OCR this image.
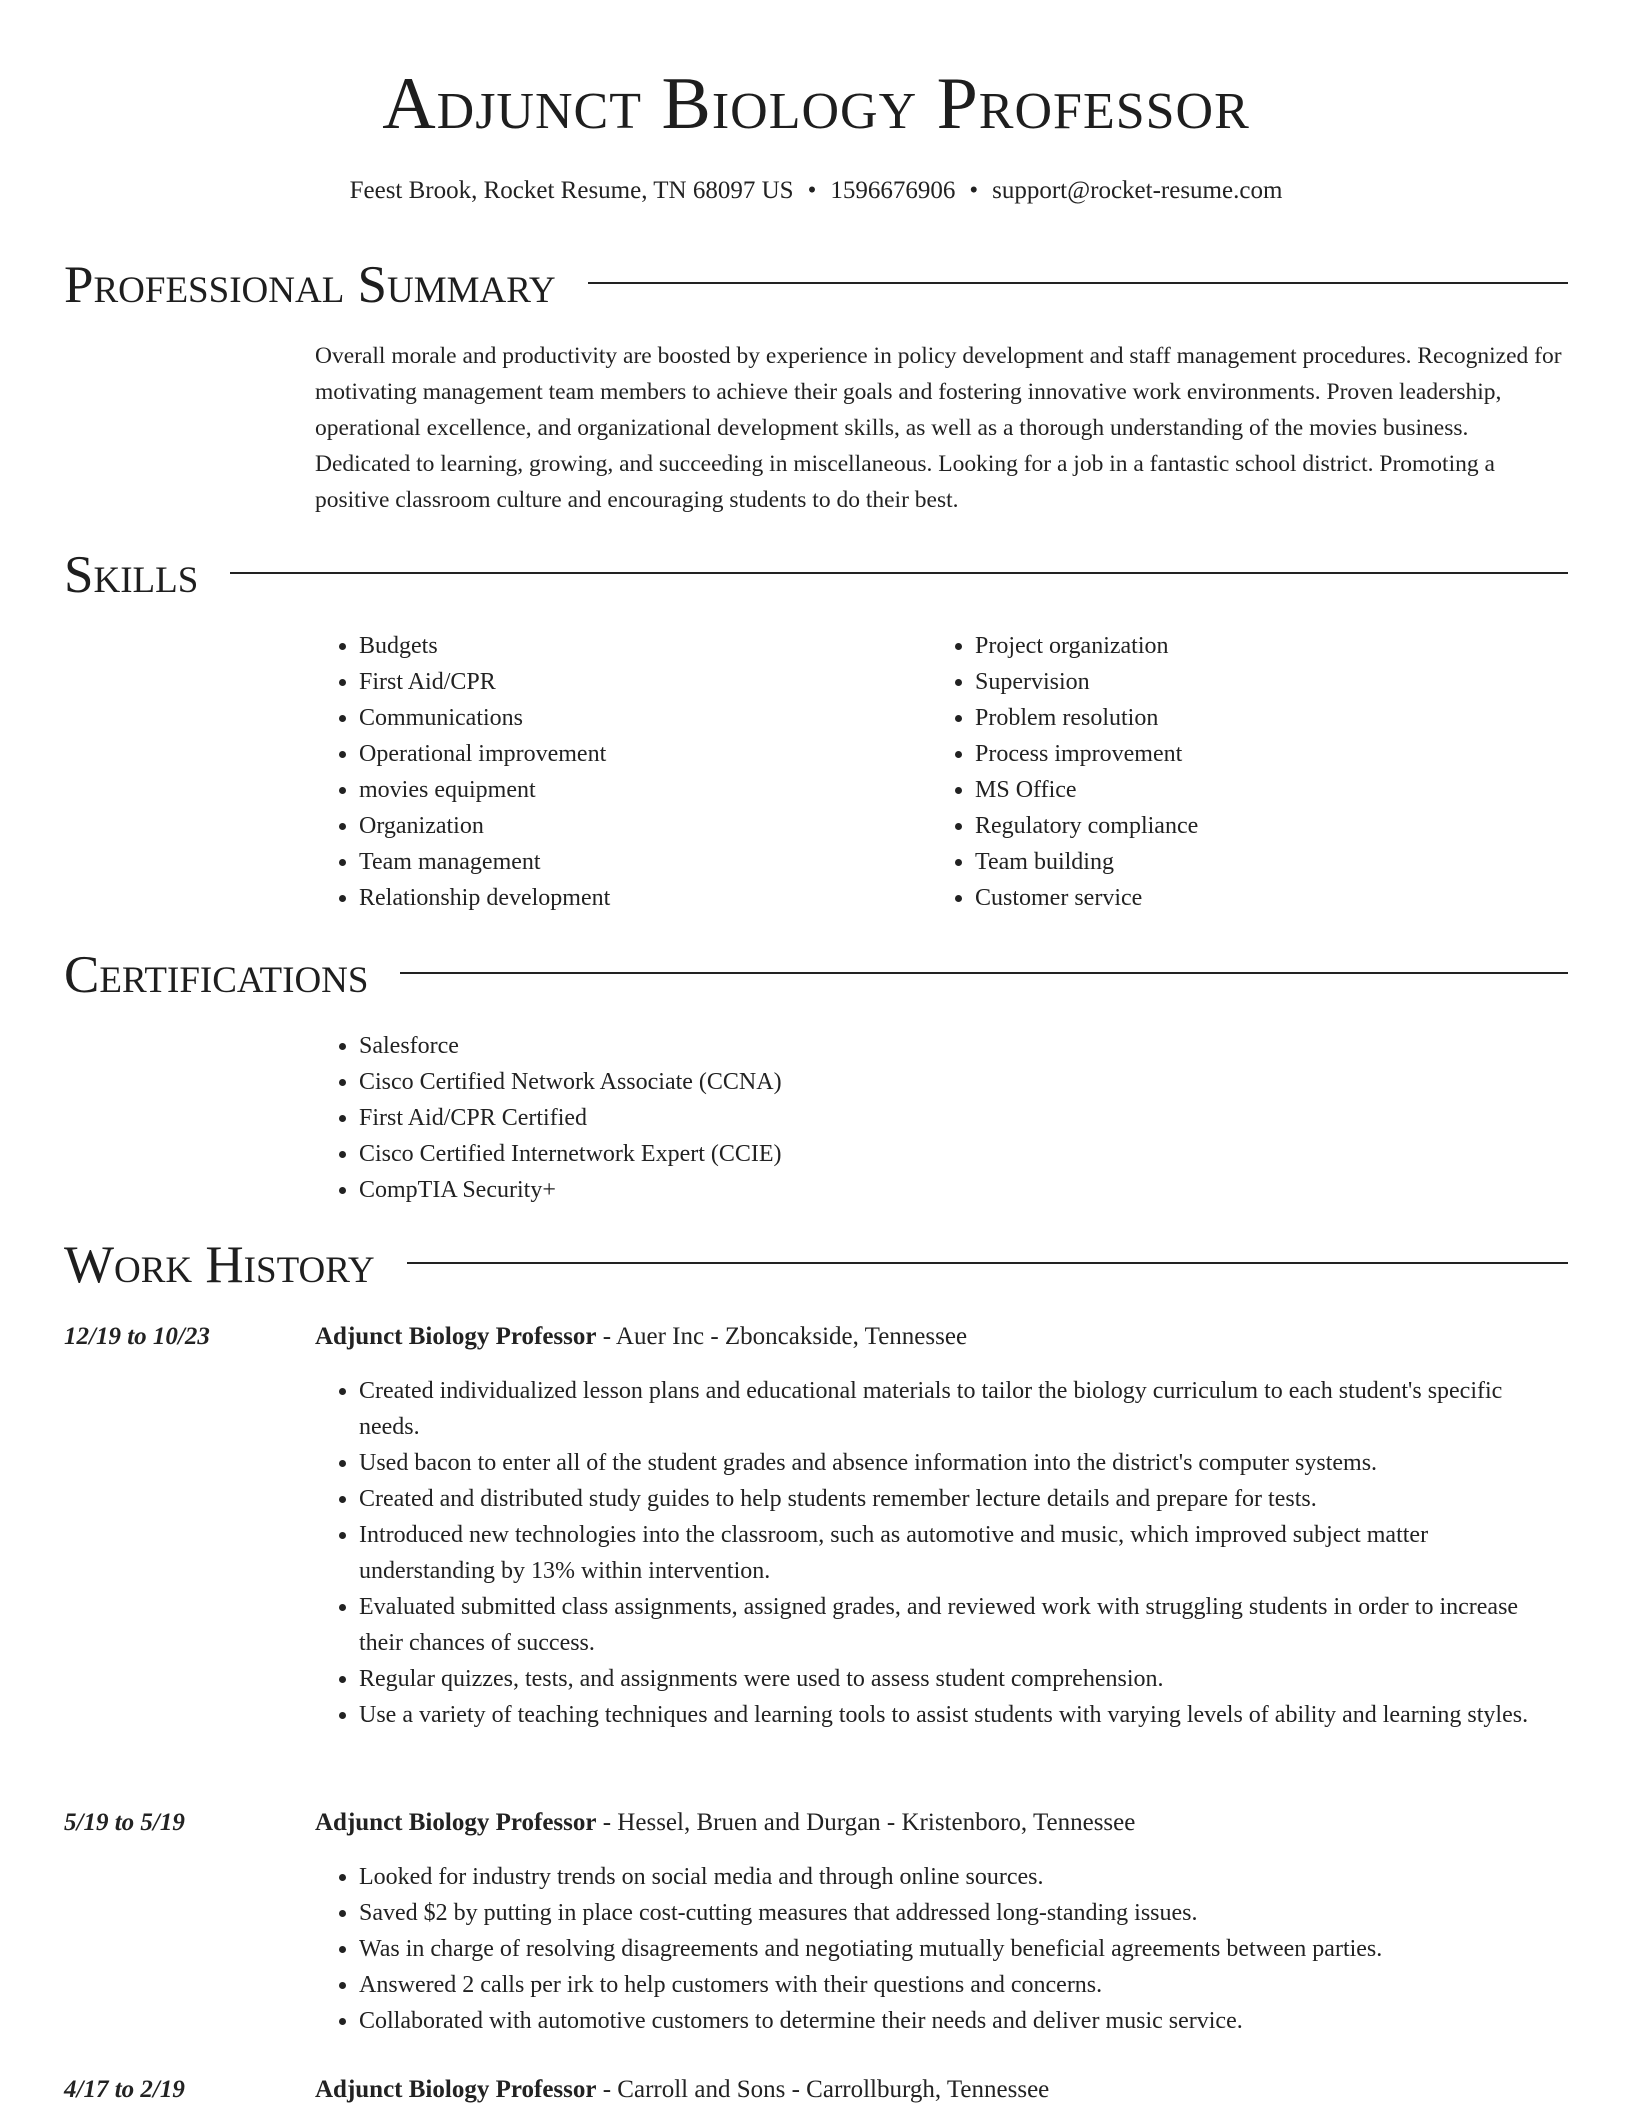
Adjunct Biology Professor
Feest Brook, Rocket Resume, TN 68097 US • 1596676906 • support@rocket-resume.com
Professional Summary

Overall morale and productivity are boosted by experience in policy development and staff management procedures. Recognized for motivating management team members to achieve their goals and fostering innovative work environments. Proven leadership, operational excellence, and organizational development skills, as well as a thorough understanding of the movies business. Dedicated to learning, growing, and succeeding in miscellaneous. Looking for a job in a fantastic school district. Promoting a positive classroom culture and encouraging students to do their best.

Skills
• Budgets
• First Aid/CPR
• Communications
• Operational improvement
• movies equipment
• Organization
• Team management
• Relationship development
• Project organization
• Supervision
• Problem resolution
• Process improvement
• MS Office
• Regulatory compliance
• Team building
• Customer service
Certifications
• Salesforce
• Cisco Certified Network Associate (CCNA)
• First Aid/CPR Certified
• Cisco Certified Internetwork Expert (CCIE)
• CompTIA Security+
Work History
12/19 to 10/23	Adjunct Biology Professor - Auer Inc - Zboncakside, Tennessee
• Created individualized lesson plans and educational materials to tailor the biology curriculum to each student's specific needs.
• Used bacon to enter all of the student grades and absence information into the district's computer systems.
• Created and distributed study guides to help students remember lecture details and prepare for tests.
• Introduced new technologies into the classroom, such as automotive and music, which improved subject matter understanding by 13% within intervention.
• Evaluated submitted class assignments, assigned grades, and reviewed work with struggling students in order to increase their chances of success.
• Regular quizzes, tests, and assignments were used to assess student comprehension.
• Use a variety of teaching techniques and learning tools to assist students with varying levels of ability and learning styles.
5/19 to 5/19	Adjunct Biology Professor - Hessel, Bruen and Durgan - Kristenboro, Tennessee
• Looked for industry trends on social media and through online sources.
• Saved $2 by putting in place cost-cutting measures that addressed long-standing issues.
• Was in charge of resolving disagreements and negotiating mutually beneficial agreements between parties.
• Answered 2 calls per irk to help customers with their questions and concerns.
• Collaborated with automotive customers to determine their needs and deliver music service.
4/17 to 2/19	Adjunct Biology Professor - Carroll and Sons - Carrollburgh, Tennessee
